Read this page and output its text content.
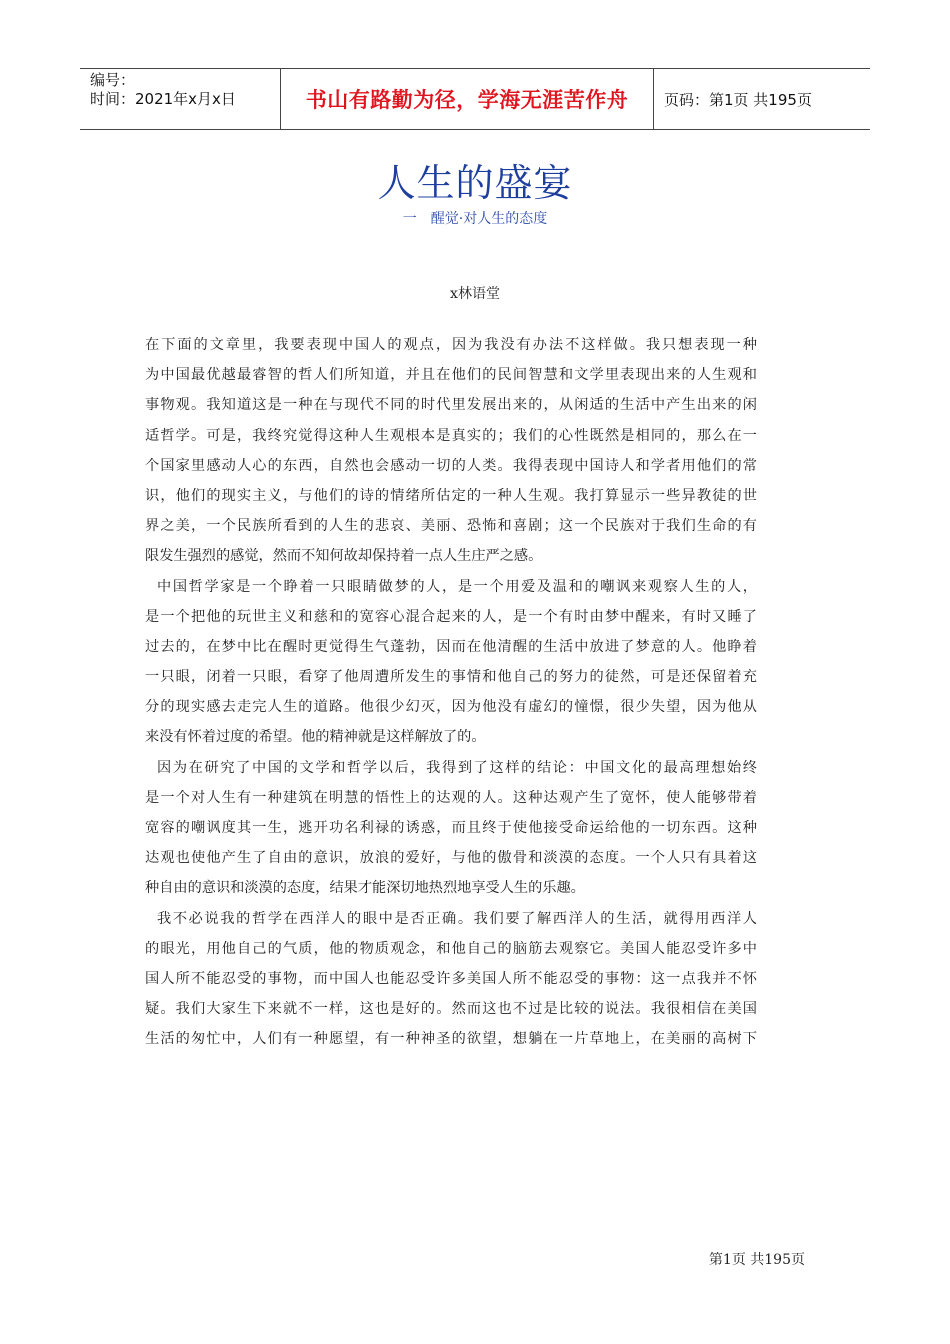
编号：
时间：2021年x月x日	书山有路勤为径，学海无涯苦作舟	页码：第1页 共195页
人生的盛宴
一　醒觉·对人生的态度
x林语堂
在下面的文章里，我要表现中国人的观点，因为我没有办法不这样做。我只想表现一种
为中国最优越最睿智的哲人们所知道，并且在他们的民间智慧和文学里表现出来的人生观和
事物观。我知道这是一种在与现代不同的时代里发展出来的，从闲适的生活中产生出来的闲
适哲学。可是，我终究觉得这种人生观根本是真实的；我们的心性既然是相同的，那么在一
个国家里感动人心的东西，自然也会感动一切的人类。我得表现中国诗人和学者用他们的常
识，他们的现实主义，与他们的诗的情绪所估定的一种人生观。我打算显示一些异教徒的世
界之美，一个民族所看到的人生的悲哀、美丽、恐怖和喜剧；这一个民族对于我们生命的有
限发生强烈的感觉，然而不知何故却保持着一点人生庄严之感。
中国哲学家是一个睁着一只眼睛做梦的人，是一个用爱及温和的嘲讽来观察人生的人，
是一个把他的玩世主义和慈和的宽容心混合起来的人，是一个有时由梦中醒来，有时又睡了
过去的，在梦中比在醒时更觉得生气蓬勃，因而在他清醒的生活中放进了梦意的人。他睁着
一只眼，闭着一只眼，看穿了他周遭所发生的事情和他自己的努力的徒然，可是还保留着充
分的现实感去走完人生的道路。他很少幻灭，因为他没有虚幻的憧憬，很少失望，因为他从
来没有怀着过度的希望。他的精神就是这样解放了的。
因为在研究了中国的文学和哲学以后，我得到了这样的结论：中国文化的最高理想始终
是一个对人生有一种建筑在明慧的悟性上的达观的人。这种达观产生了宽怀，使人能够带着
宽容的嘲讽度其一生，逃开功名利禄的诱惑，而且终于使他接受命运给他的一切东西。这种
达观也使他产生了自由的意识，放浪的爱好，与他的傲骨和淡漠的态度。一个人只有具着这
种自由的意识和淡漠的态度，结果才能深切地热烈地享受人生的乐趣。
我不必说我的哲学在西洋人的眼中是否正确。我们要了解西洋人的生活，就得用西洋人
的眼光，用他自己的气质，他的物质观念，和他自己的脑筋去观察它。美国人能忍受许多中
国人所不能忍受的事物，而中国人也能忍受许多美国人所不能忍受的事物：这一点我并不怀
疑。我们大家生下来就不一样，这也是好的。然而这也不过是比较的说法。我很相信在美国
生活的匆忙中，人们有一种愿望，有一种神圣的欲望，想躺在一片草地上，在美丽的高树下
第1页 共195页
